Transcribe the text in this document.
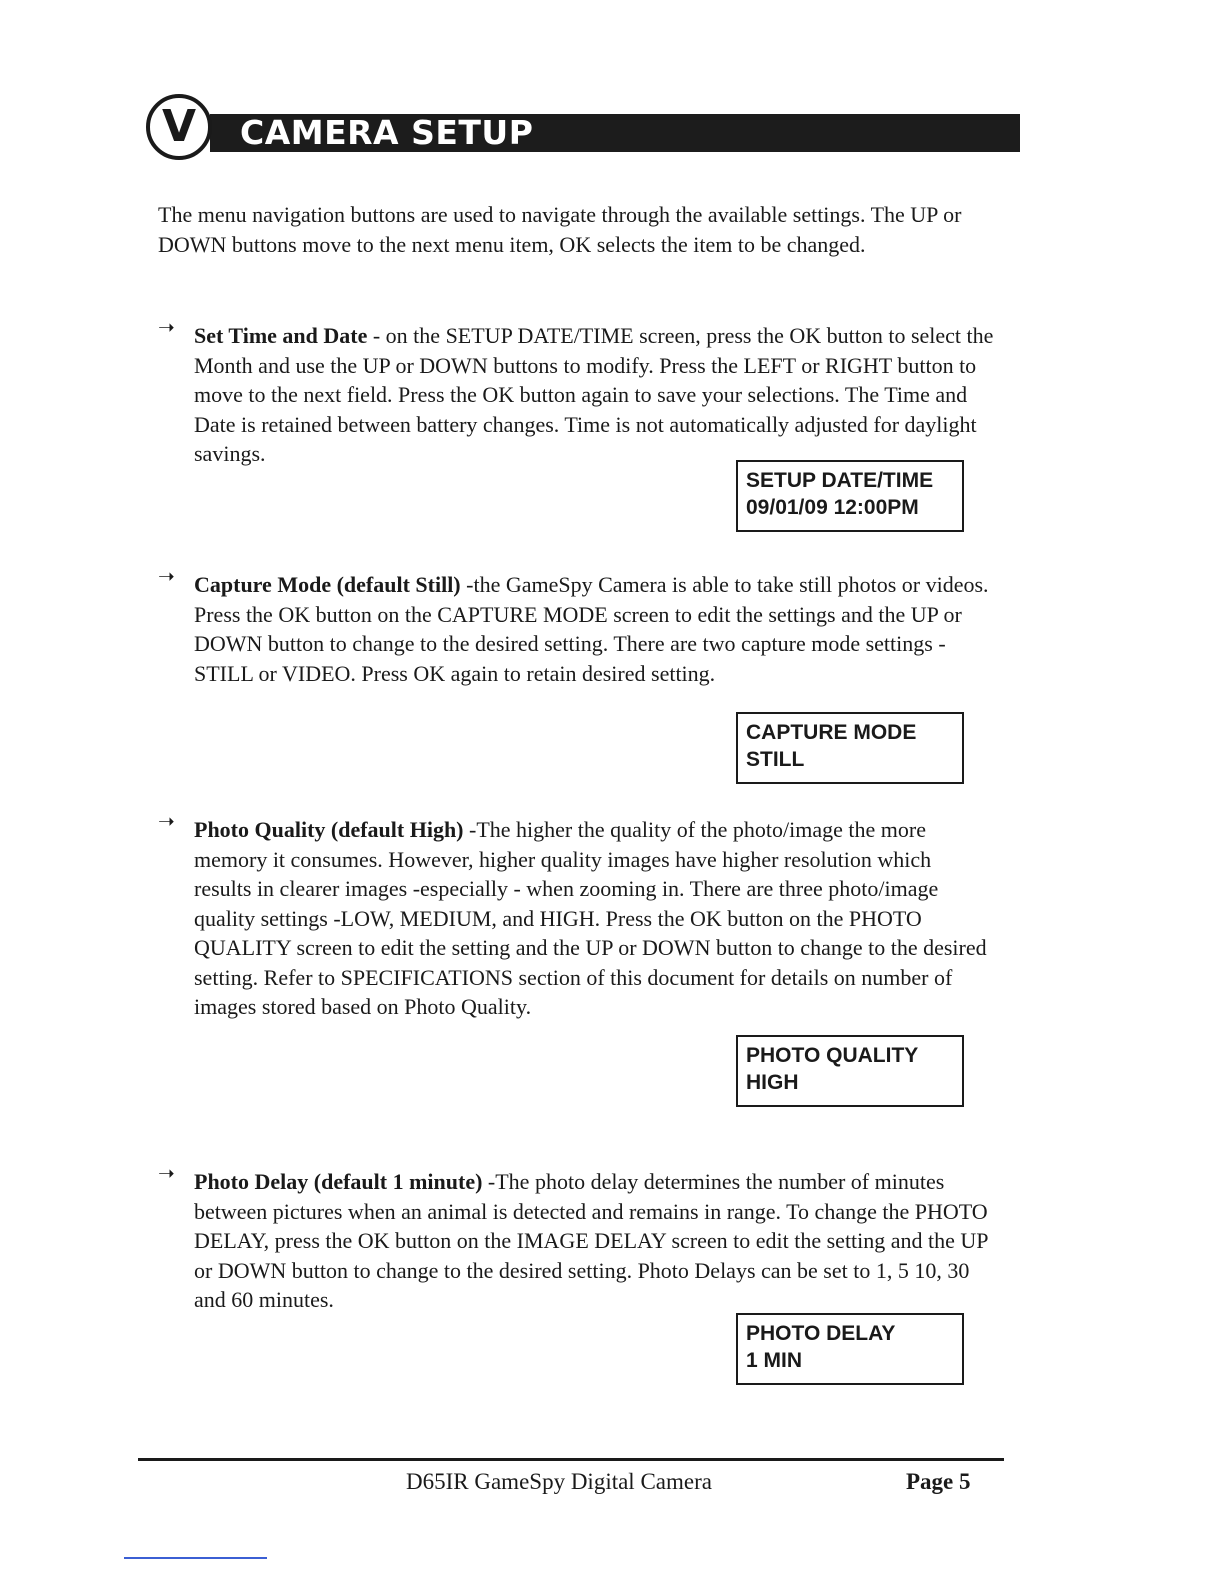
CAMERA SETUP
V

The menu navigation buttons are used to navigate through the available settings. The UP or DOWN buttons move to the next menu item, OK selects the item to be changed.

➝ Set Time and Date - on the SETUP DATE/TIME screen, press the OK button to select the Month and use the UP or DOWN buttons to modify. Press the LEFT or RIGHT button to move to the next field. Press the OK button again to save your selections. The Time and Date is retained between battery changes. Time is not automatically adjusted for daylight savings.

SETUP DATE/TIME
09/01/09 12:00PM
➝ Capture Mode (default Still) -the GameSpy Camera is able to take still photos or videos. Press the OK button on the CAPTURE MODE screen to edit the settings and the UP or DOWN button to change to the desired setting. There are two capture mode settings -STILL or VIDEO. Press OK again to retain desired setting.

CAPTURE MODE
STILL
➝ Photo Quality (default High) -The higher the quality of the photo/image the more memory it consumes. However, higher quality images have higher resolution which results in clearer images -especially - when zooming in. There are three photo/image quality settings -LOW, MEDIUM, and HIGH. Press the OK button on the PHOTO QUALITY screen to edit the setting and the UP or DOWN button to change to the desired setting. Refer to SPECIFICATIONS section of this document for details on number of images stored based on Photo Quality.

PHOTO QUALITY
HIGH
➝ Photo Delay (default 1 minute) -The photo delay determines the number of minutes between pictures when an animal is detected and remains in range. To change the PHOTO DELAY, press the OK button on the IMAGE DELAY screen to edit the setting and the UP or DOWN button to change to the desired setting. Photo Delays can be set to 1, 5 10, 30 and 60 minutes.

PHOTO DELAY
1 MIN
D65IR GameSpy Digital Camera	Page 5
